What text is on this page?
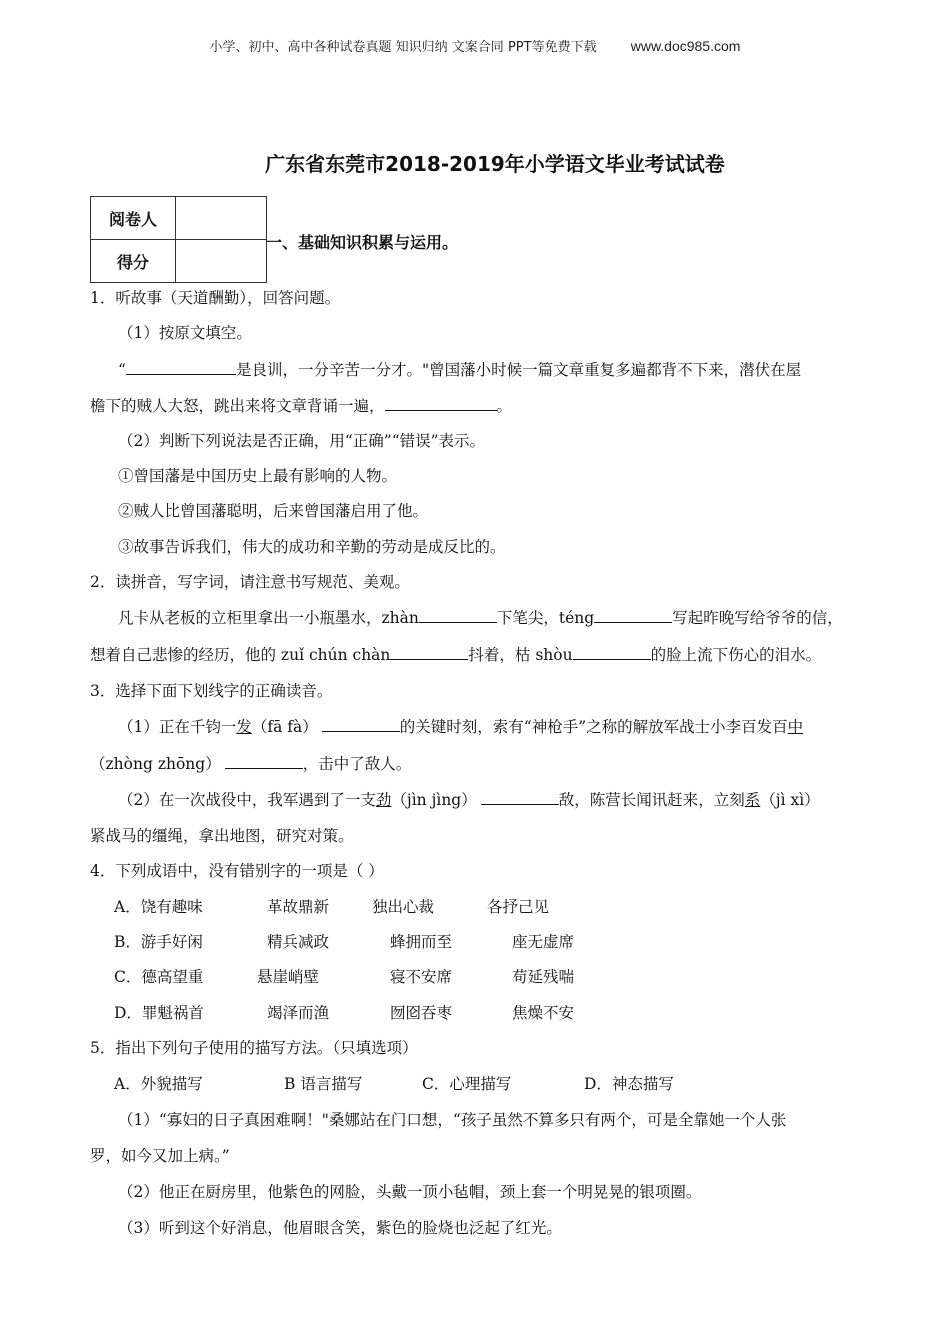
小学、初中、高中各种试卷真题 知识归纳 文案合同 PPT等免费下载 www.doc985.com
广东省东莞市2018-2019年小学语文毕业考试试卷
阅卷人	
得分	
一、基础知识积累与运用。
1．听故事（天道酬勤），回答问题。
（1）按原文填空。
“	是良训，一分辛苦一分才。"曾国藩小时候一篇文章重复多遍都背不下来，潜伏在屋
檐下的贼人大怒，跳出来将文章背诵一遍，	。
（2）判断下列说法是否正确，用“正确”“错误”表示。
①曾国藩是中国历史上最有影响的人物。
②贼人比曾国藩聪明，后来曾国藩启用了他。
③故事告诉我们，伟大的成功和辛勤的劳动是成反比的。
2．读拼音，写字词，请注意书写规范、美观。
凡卡从老板的立柜里拿出一小瓶墨水，zhàn	下笔尖，téng	写起昨晚写给爷爷的信，
想着自己悲惨的经历，他的 zuǐ chún chàn	抖着，枯 shòu	的脸上流下伤心的泪水。
3．选择下面下划线字的正确读音。
（1）正在千钧一发（fā fà）	的关键时刻，索有“神枪手”之称的解放军战士小李百发百中
（zhòng zhōng）	，击中了敌人。
（2）在一次战役中，我军遇到了一支劲（jìn jìng）	敌，陈营长闻讯赶来，立刻系（jì xì）
紧战马的缰绳，拿出地图，研究对策。
4．下列成语中，没有错别字的一项是（ ）
A．饶有趣味	革故鼎新	独出心裁	各抒己见
B．游手好闲	精兵减政	蜂拥而至	座无虚席
C．德高望重	悬崖峭壁	寝不安席	苟延残喘
D．罪魁祸首	竭泽而渔	囫囵吞枣	焦燥不安
5．指出下列句子使用的描写方法。（只填选项）
A．外貌描写	B 语言描写	C．心理描写	D．神态描写
（1）“寡妇的日子真困难啊！"桑娜站在门口想，“孩子虽然不算多只有两个，可是全靠她一个人张
罗，如今又加上病。”
（2）他正在厨房里，他紫色的网脸，头戴一顶小毡帽，颈上套一个明晃晃的银项圈。
（3）听到这个好消息，他眉眼含笑，紫色的脸烧也泛起了红光。
